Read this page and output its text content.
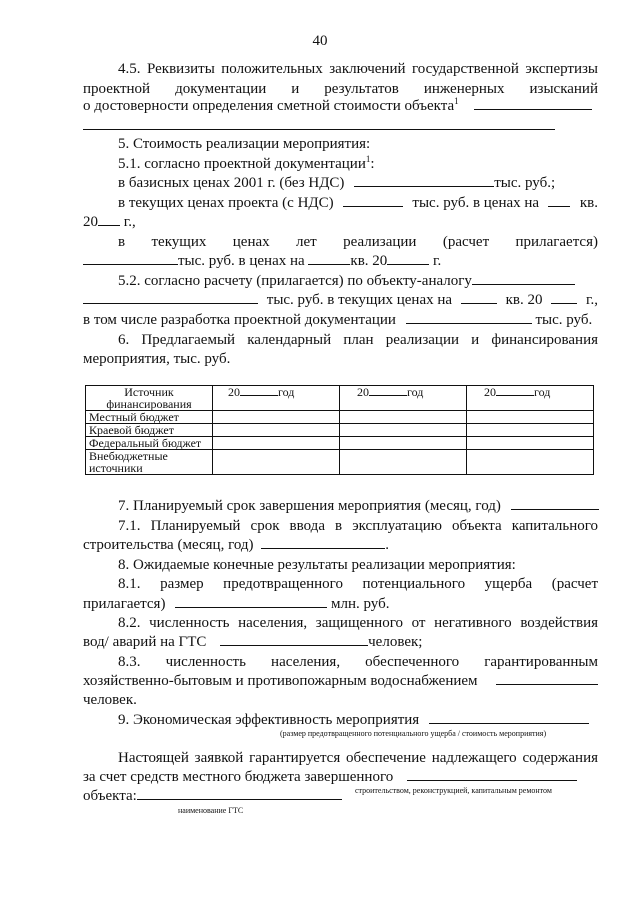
40
4.5. Реквизиты положительных заключений государственной экспертизы
проектной документации и результатов инженерных изысканий
о достоверности определения сметной стоимости объекта$^1$
5. Стоимость реализации мероприятия:
5.1. согласно проектной документации$^1$:
в базисных ценах 2001 г. (без НДС)	тыс. руб.;
в текущих ценах проекта (с НДС)	тыс. руб. в ценах на	кв.
20 г.,
в текущих ценах лет реализации (расчет прилагается)
тыс. руб. в ценах на	кв. 20	г.
5.2. согласно расчету (прилагается) по объекту-аналогу
тыс. руб. в текущих ценах на	кв. 20	г.,
в том числе разработка проектной документации	тыс. руб.
6. Предлагаемый календарный план реализации и финансирования
мероприятия, тыс. руб.
Источник финансирования	20 год	20 год	20 год
Местный бюджет			
Краевой бюджет			
Федеральный бюджет			
Внебюджетные источники			
7. Планируемый срок завершения мероприятия (месяц, год)
7.1. Планируемый срок ввода в эксплуатацию объекта капитального
строительства (месяц, год)	.
8. Ожидаемые конечные результаты реализации мероприятия:
8.1. размер предотвращенного потенциального ущерба (расчет
прилагается)	млн. руб.
8.2. численность населения, защищенного от негативного воздействия
вод/ аварий на ГТС	человек;
8.3. численность населения, обеспеченного гарантированным
хозяйственно-бытовым и противопожарным водоснабжением
человек.
9. Экономическая эффективность мероприятия
(размер предотвращенного потенциального ущерба / стоимость мероприятия)
Настоящей заявкой гарантируется обеспечение надлежащего содержания
за счет средств местного бюджета завершенного
строительством, реконструкцией, капитальным ремонтом
объекта:
наименование ГТС
